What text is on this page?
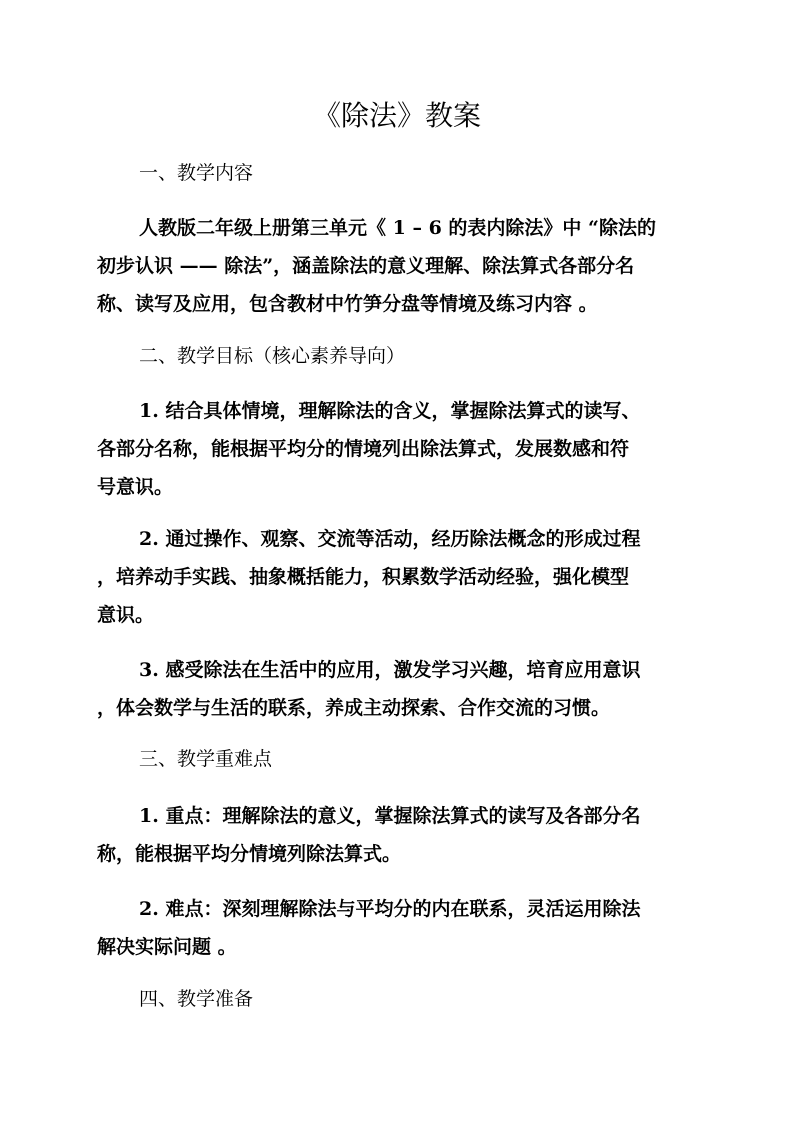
《除法》教案
一、教学内容

人教版二年级上册第三单元《 1 – 6 的表内除法》中 “除法的
初步认识 —— 除法”，涵盖除法的意义理解、除法算式各部分名
称、读写及应用，包含教材中竹笋分盘等情境及练习内容 。

二、教学目标（核心素养导向）

1. 结合具体情境，理解除法的含义，掌握除法算式的读写、
各部分名称，能根据平均分的情境列出除法算式，发展数感和符
号意识。

2. 通过操作、观察、交流等活动，经历除法概念的形成过程
，培养动手实践、抽象概括能力，积累数学活动经验，强化模型
意识。

3. 感受除法在生活中的应用，激发学习兴趣，培育应用意识
，体会数学与生活的联系，养成主动探索、合作交流的习惯。

三、教学重难点

1. 重点：理解除法的意义，掌握除法算式的读写及各部分名
称，能根据平均分情境列除法算式。

2. 难点：深刻理解除法与平均分的内在联系，灵活运用除法
解决实际问题 。

四、教学准备
